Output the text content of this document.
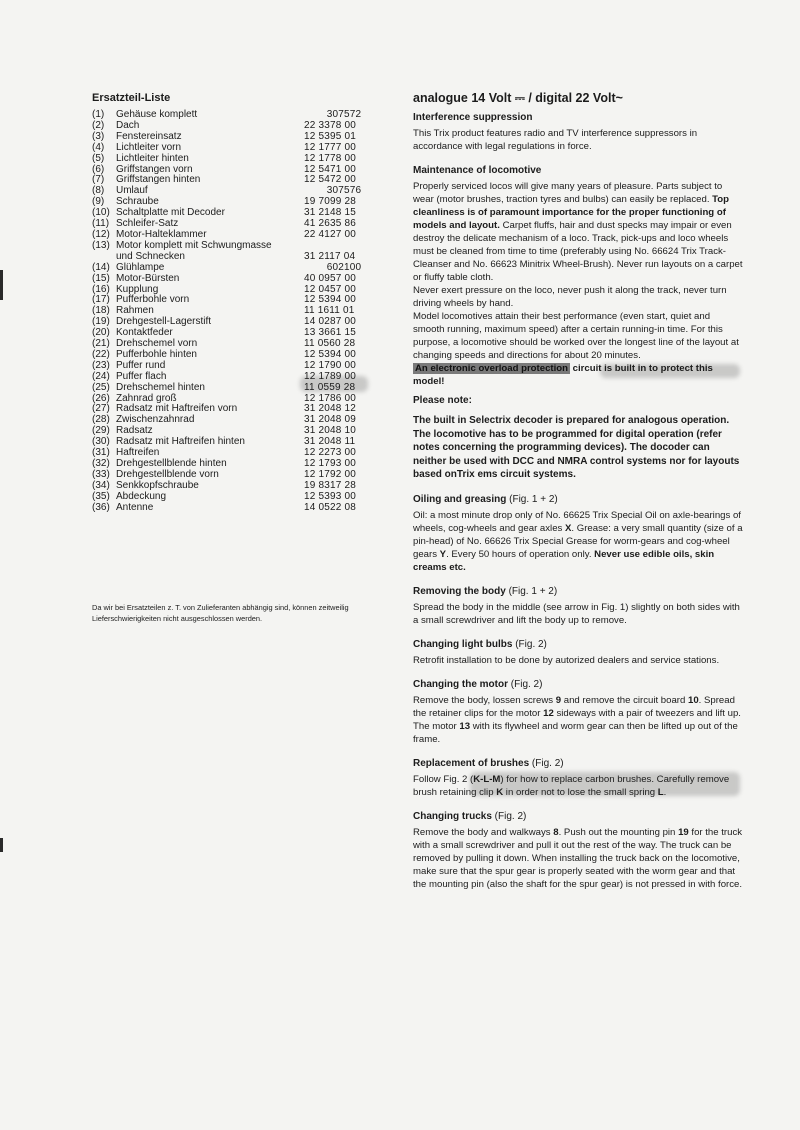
Ersatzteil-Liste
(1)	Gehäuse komplett	307572
(2)	Dach	22 3378 00
(3)	Fenstereinsatz	12 5395 01
(4)	Lichtleiter vorn	12 1777 00
(5)	Lichtleiter hinten	12 1778 00
(6)	Griffstangen vorn	12 5471 00
(7)	Griffstangen hinten	12 5472 00
(8)	Umlauf	307576
(9)	Schraube	19 7099 28
(10) Schaltplatte mit Decoder	31 2148 15
(11) Schleifer-Satz	41 2635 86
(12) Motor-Halteklammer	22 4127 00
(13) Motor komplett mit Schwungmasse
und Schnecken	31 2117 04
(14) Glühlampe	602100
(15) Motor-Bürsten	40 0957 00
(16) Kupplung	12 0457 00
(17) Pufferbohle vorn	12 5394 00
(18) Rahmen	11 1611 01
(19) Drehgestell-Lagerstift	14 0287 00
(20) Kontaktfeder	13 3661 15
(21) Drehschemel vorn	11 0560 28
(22) Pufferbohle hinten	12 5394 00
(23) Puffer rund	12 1790 00
(24) Puffer flach	12 1789 00
(25) Drehschemel hinten	11 0559 28
(26) Zahnrad groß	12 1786 00
(27) Radsatz mit Haftreifen vorn	31 2048 12
(28) Zwischenzahnrad	31 2048 09
(29) Radsatz	31 2048 10
(30) Radsatz mit Haftreifen hinten	31 2048 11
(31) Haftreifen	12 2273 00
(32) Drehgestellblende hinten	12 1793 00
(33) Drehgestellblende vorn	12 1792 00
(34) Senkkopfschraube	19 8317 28
(35) Abdeckung	12 5393 00
(36) Antenne	14 0522 08
Da wir bei Ersatzteilen z. T. von Zulieferanten abhängig sind, können zeitweilig Lieferschwierigkeiten nicht ausgeschlossen werden.
analogue 14 Volt ⎓ / digital 22 Volt~
Interference suppression

This Trix product features radio and TV interference suppressors in accordance with legal regulations in force.

Maintenance of locomotive

Properly serviced locos will give many years of pleasure. Parts subject to wear (motor brushes, traction tyres and bulbs) can easily be replaced. Top cleanliness is of paramount importance for the proper functioning of models and layout. Carpet fluffs, hair and dust specks may impair or even destroy the delicate mechanism of a loco. Track, pick-ups and loco wheels must be cleaned from time to time (preferably using No. 66624 Trix Track-Cleanser and No. 66623 Minitrix Wheel-Brush). Never run layouts on a carpet or fluffy table cloth.

Never exert pressure on the loco, never push it along the track, never turn driving wheels by hand.

Model locomotives attain their best performance (even start, quiet and smooth running, maximum speed) after a certain running-in time. For this purpose, a locomotive should be worked over the longest line of the layout at changing speeds and directions for about 20 minutes.

An electronic overload protection circuit is built in to protect this model!

Please note:

The built in Selectrix decoder is prepared for analogous operation. The locomotive has to be programmed for digital operation (refer notes concerning the programming devices). The docoder can neither be used with DCC and NMRA control systems nor for layouts based onTrix ems circuit systems.

Oiling and greasing (Fig. 1 + 2)

Oil: a most minute drop only of No. 66625 Trix Special Oil on axle-bearings of wheels, cog-wheels and gear axles X. Grease: a very small quantity (size of a pin-head) of No. 66626 Trix Special Grease for worm-gears and cog-wheel gears Y. Every 50 hours of operation only. Never use edible oils, skin creams etc.

Removing the body (Fig. 1 + 2)

Spread the body in the middle (see arrow in Fig. 1) slightly on both sides with a small screwdriver and lift the body up to remove.

Changing light bulbs (Fig. 2)

Retrofit installation to be done by autorized dealers and service stations.

Changing the motor (Fig. 2)

Remove the body, lossen screws 9 and remove the circuit board 10. Spread the retainer clips for the motor 12 sideways with a pair of tweezers and lift up. The motor 13 with its flywheel and worm gear can then be lifted up out of the frame.

Replacement of brushes (Fig. 2)

Follow Fig. 2 (K-L-M) for how to replace carbon brushes. Carefully remove brush retaining clip K in order not to lose the small spring L.

Changing trucks (Fig. 2)

Remove the body and walkways 8. Push out the mounting pin 19 for the truck with a small screwdriver and pull it out the rest of the way. The truck can be removed by pulling it down. When installing the truck back on the locomotive, make sure that the spur gear is properly seated with the worm gear and that the mounting pin (also the shaft for the spur gear) is not pressed in with force.
